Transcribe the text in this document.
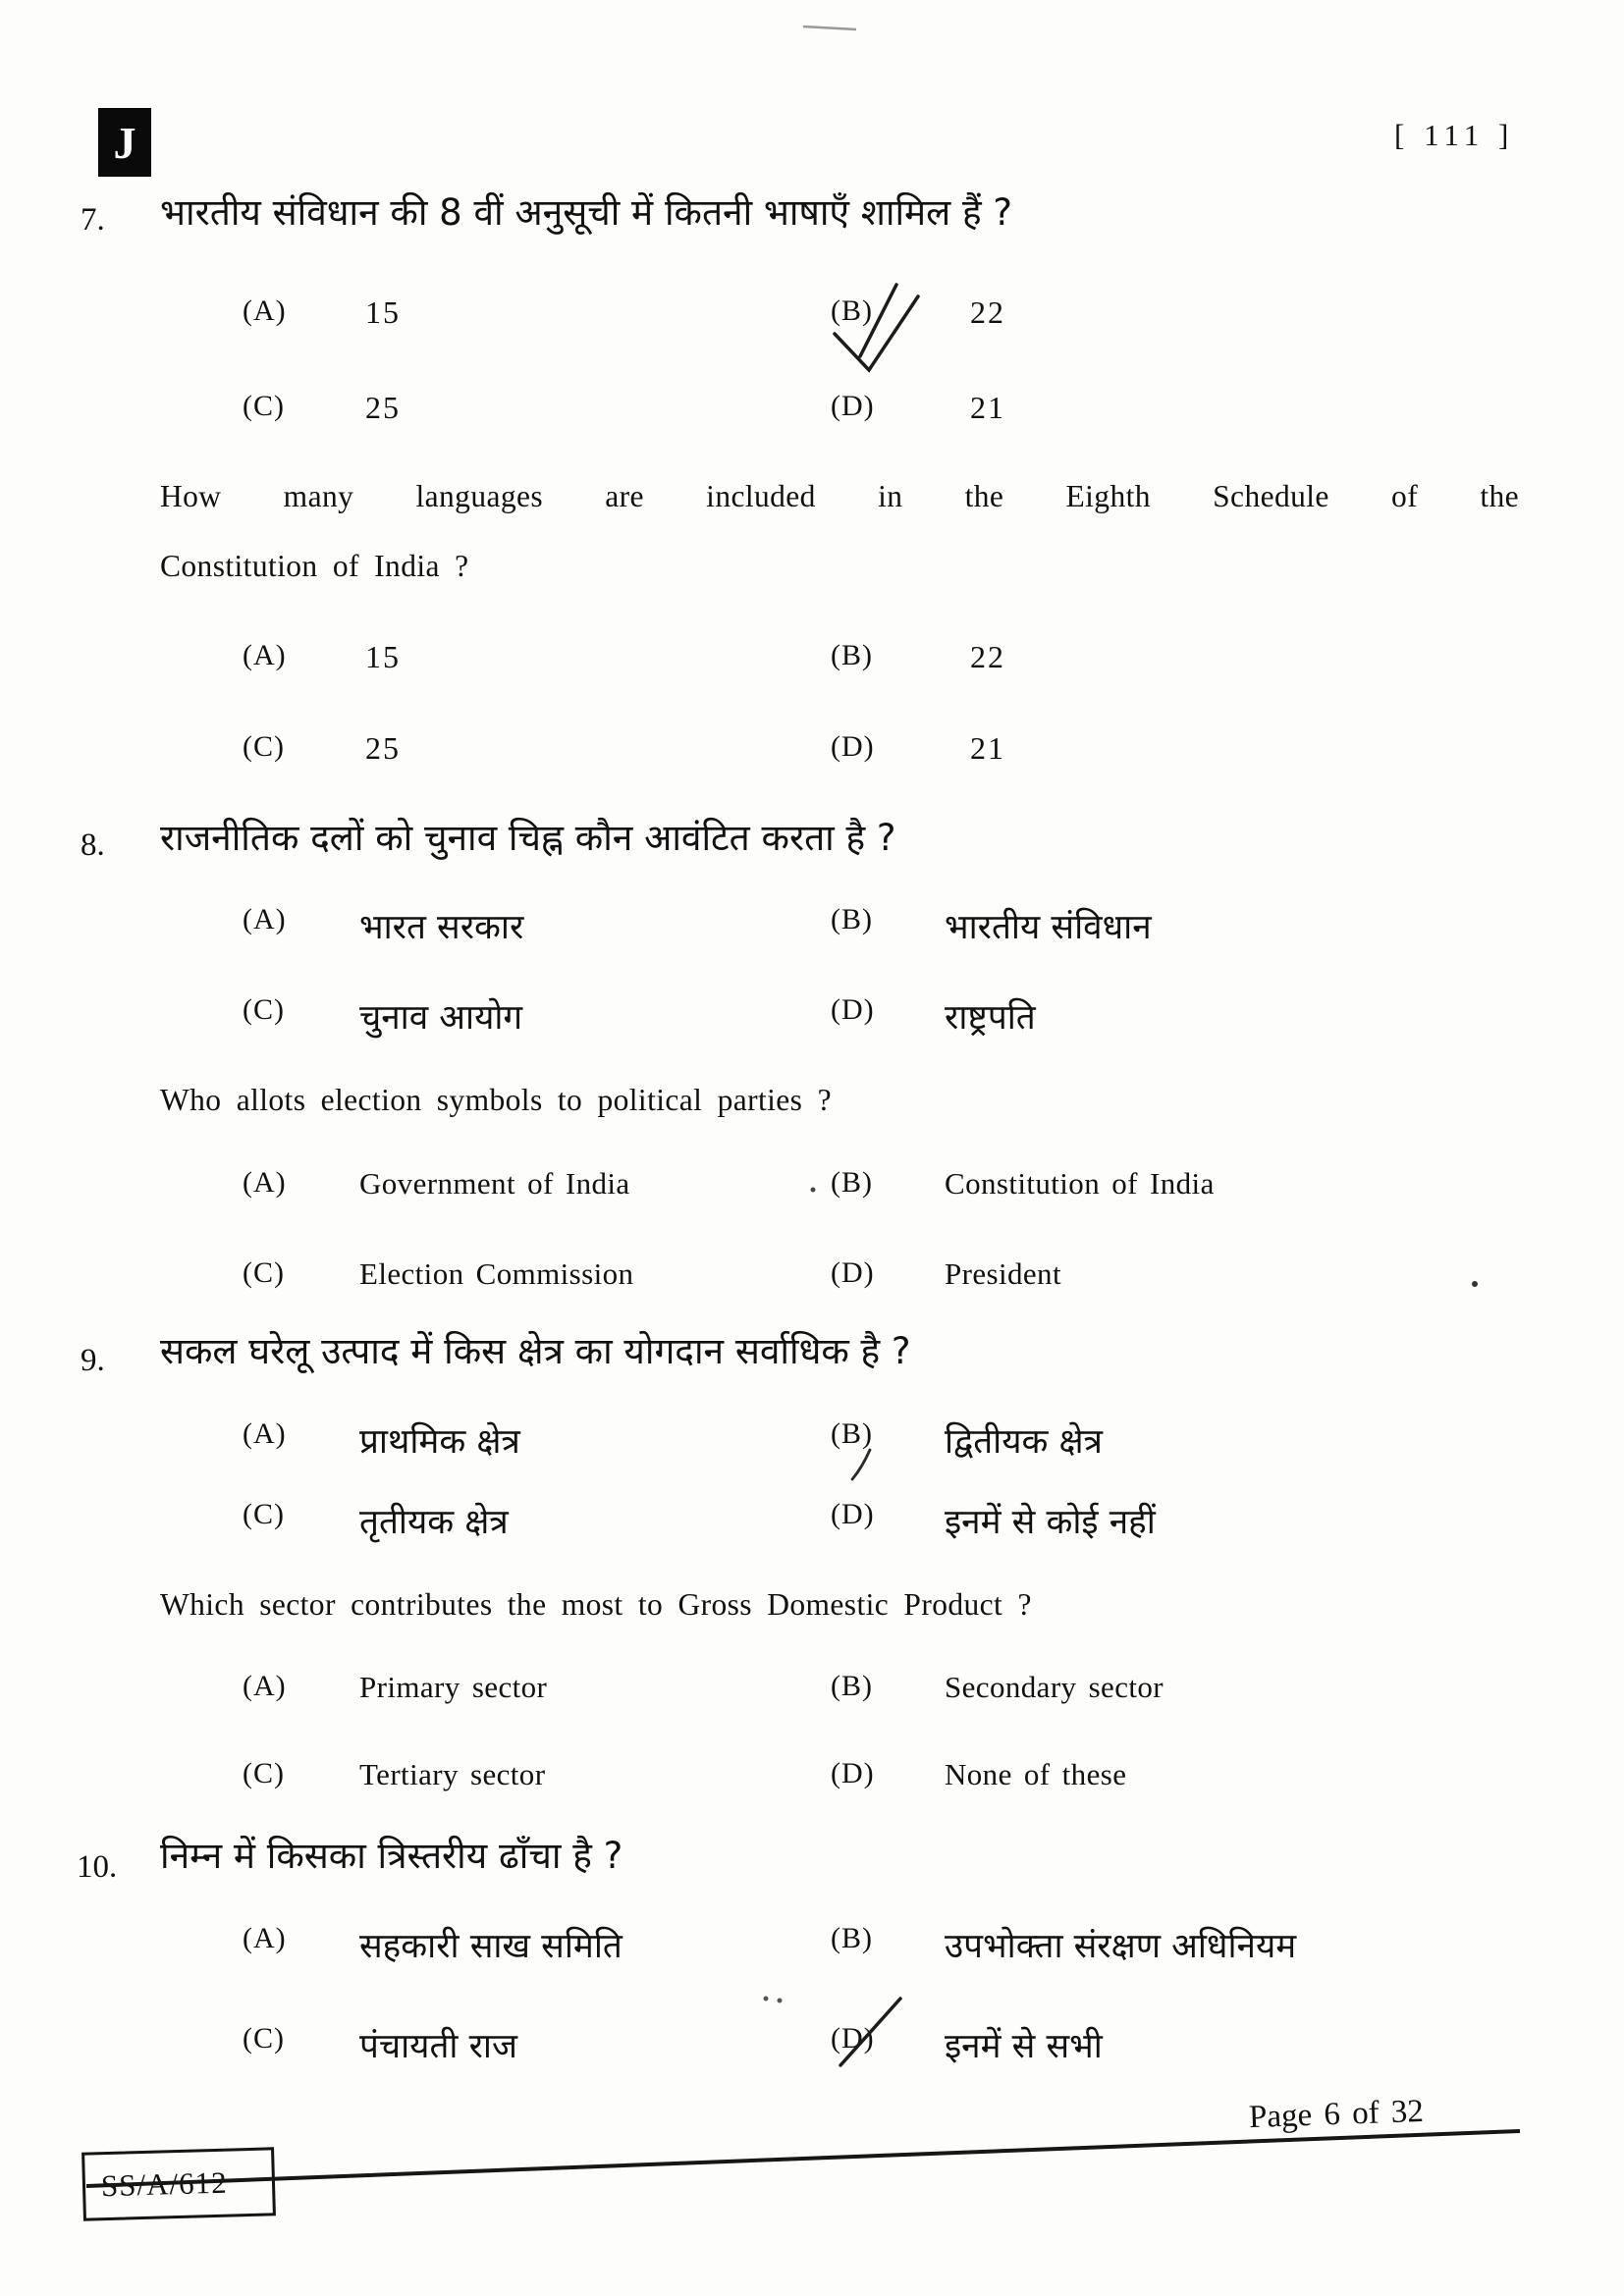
J	[ 111 ]
7. भारतीय संविधान की 8 वीं अनुसूची में कितनी भाषाएँ शामिल हैं ?
(A)	15	(B)	22
(C)	25	(D)	21
How many languages are included in the Eighth Schedule of the
Constitution of India ?
(A)	15	(B)	22
(C)	25	(D)	21
8. राजनीतिक दलों को चुनाव चिह्न कौन आवंटित करता है ?
(A) भारत सरकार	(B) भारतीय संविधान
(C) चुनाव आयोग	(D) राष्ट्रपति
Who allots election symbols to political parties ?
(A) Government of India	(B) Constitution of India
(C) Election Commission	(D) President
9. सकल घरेलू उत्पाद में किस क्षेत्र का योगदान सर्वाधिक है ?
(A) प्राथमिक क्षेत्र	(B) द्वितीयक क्षेत्र
(C) तृतीयक क्षेत्र	(D) इनमें से कोई नहीं
Which sector contributes the most to Gross Domestic Product ?
(A) Primary sector	(B) Secondary sector
(C) Tertiary sector	(D) None of these
10. निम्न में किसका त्रिस्तरीय ढाँचा है ?
(A) सहकारी साख समिति	(B) उपभोक्ता संरक्षण अधिनियम
(C) पंचायती राज	(D) इनमें से सभी
Page 6 of 32
SS/A/612
